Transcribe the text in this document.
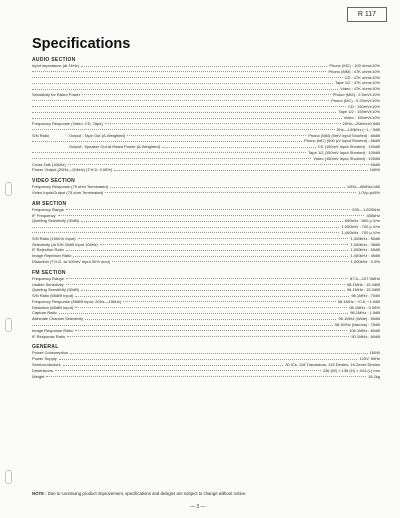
R 117
Specifications
AUDIO SECTION
Input impedance (at 1kHz)	Phono (MC) : 100 ohm±10%
Phono (MM) : 47K ohm±10%
CD : 47K ohm±10%
Tape 1/2 : 47K ohm±10%
Video : 47K ohm±10%
Sensitivity for Rated Power	Phono (MM) : 2.5mV±10%
Phono (MC) : 0.20mV±10%
CD : 150mV±10%
Tape 1/2 : 150mV±10%
Video : 150mV±10%
Frequency Response (Video, CD, Tape)	20Hz—20kHz±0.5dB
5Hz—140kHz (−1, −3dB
S/N Ratio	Output : Tape Out (A-Weighted)	Phono (MM) (5mV Input Shorted) : 80dB
Phono (MC) (500 μV Input Shorted) : 66dB
Output : Speaker Out at Rated Power (A-Weighted)	CD (150mV Input Shorted) : 100dB
Tape 1/2 (150mV Input Shorted) : 100dB
Video (150mV Input Shorted) : 100dB
Cross Talk (10kHz)	60dB
Power Output (20Hz—20kHz) (T.H.D. 0.08%)	160W
VIDEO SECTION
Frequency Response (75 ohm Terminated)	10Hz—8MHz±1dB
Video Input/Output (75 ohm Terminated)	1.0Vp-p±5%
AM SECTION
Frequency Range	530—1,620kHz
IF Frequency	450kHz
Quieting Sensitivity (30dB)	600kHz : 800 μ V/m
1,000kHz : 700 μ V/m
1,400kHz : 700 μ V/m
S/N Ratio (100mV Input)	1,000kHz : 50dB
Selectivity (at S/N 30dB Input 10kHz)	1,000kHz : 35dB
IF Rejection Ratio	1,000kHz : 50dB
Image Rejection Ratio	1,400kHz : 40dB
Distortion (T.H.D. at 100mV Input 30% mod)	1,000kHz : 0.5%
FM SECTION
Frequency Range	87.5—107.9MHz
Usable Sensitivity	98.1MHz : 15.2dBf
Quieting Sensitivity (50dB)	98.1MHz : 15.2dBf
S/N Ratio (65dBf Input)	98.1MHz : 70dB
Frequency Response (65dBf Input, 20Hz—15kHz)	98.1MHz : +0.5, −1.0dB
Distortion (65dBf Input)	98.1MHz : 0.08%
Capture Ratio	98.1MHz : 1.5dB
Alternate Channel Selectivity	98.1MHz (Wide) : 50dB
98.1MHz (Narrow) : 75dB
Image Response Ratio	106.1MHz : 80dB
IF Response Ratio	90.1MHz : 80dB
GENERAL
Power Consumption	160W
Power Supply	120V, 60Hz
Semiconductors	30 ICs, 118 Transistors, 115 Diodes, 16 Zener Diodes
Dimensions	436 (W) × 138 (H) × 424 (L) mm
Weight	15.2kg
NOTE : Due to continuing product improvement, specifications and designs are subject to change without notice.
— 3 —
